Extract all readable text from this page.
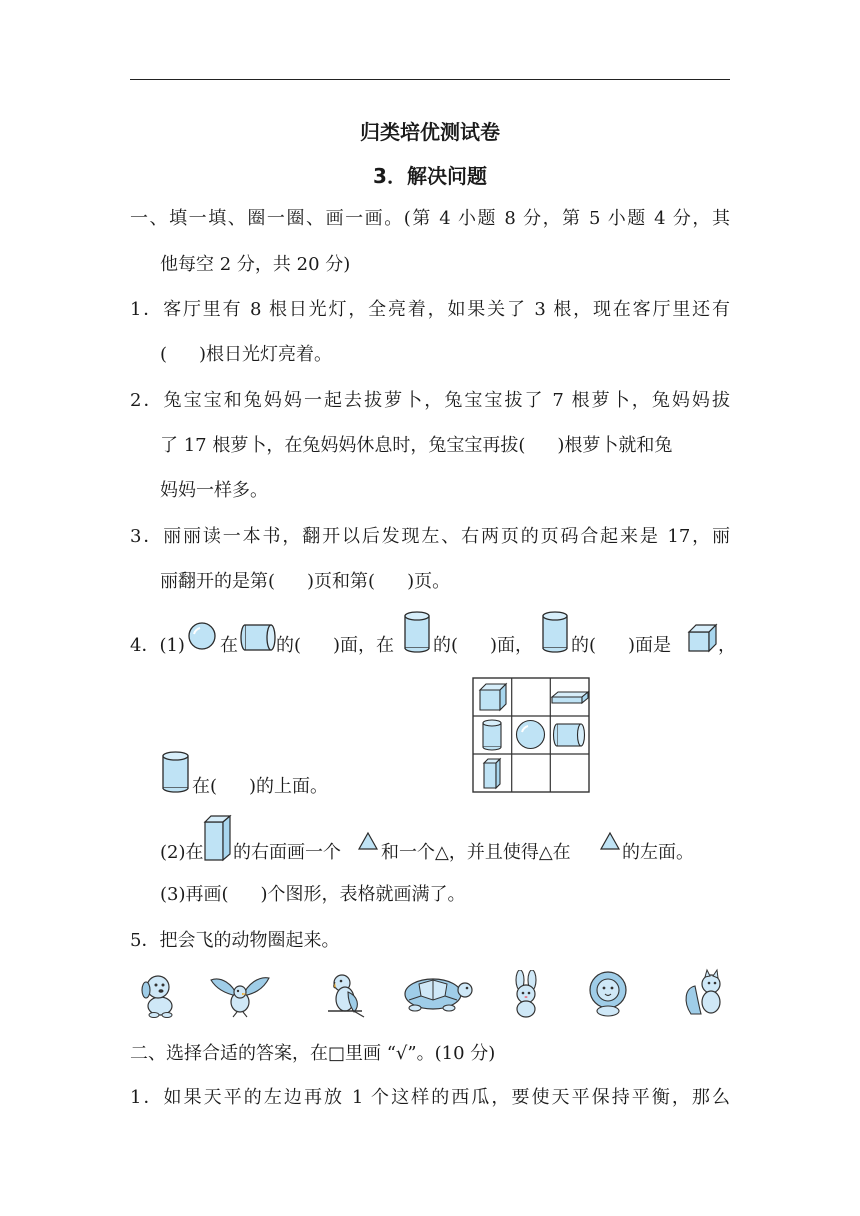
归类培优测试卷
3．解决问题
一、填一填、圈一圈、画一画。(第 4 小题 8 分，第 5 小题 4 分，其
他每空 2 分，共 20 分)
1．客厅里有 8 根日光灯，全亮着，如果关了 3 根，现在客厅里还有
( )根日光灯亮着。
2．兔宝宝和兔妈妈一起去拔萝卜，兔宝宝拔了 7 根萝卜，兔妈妈拔
了 17 根萝卜，在兔妈妈休息时，兔宝宝再拔( )根萝卜就和兔
妈妈一样多。
3．丽丽读一本书，翻开以后发现左、右两页的页码合起来是 17，丽
丽翻开的是第( )页和第( )页。
4．(1) 在 的( )面，在 的( )面， 的( )面是	，
在( )的上面。
(2)在 的右面画一个 和一个△，并且使得△在	的左面。
(3)再画( )个图形，表格就画满了。
5．把会飞的动物圈起来。
二、选择合适的答案，在□里画 “√”。(10 分)
1．如果天平的左边再放 1 个这样的西瓜，要使天平保持平衡，那么
